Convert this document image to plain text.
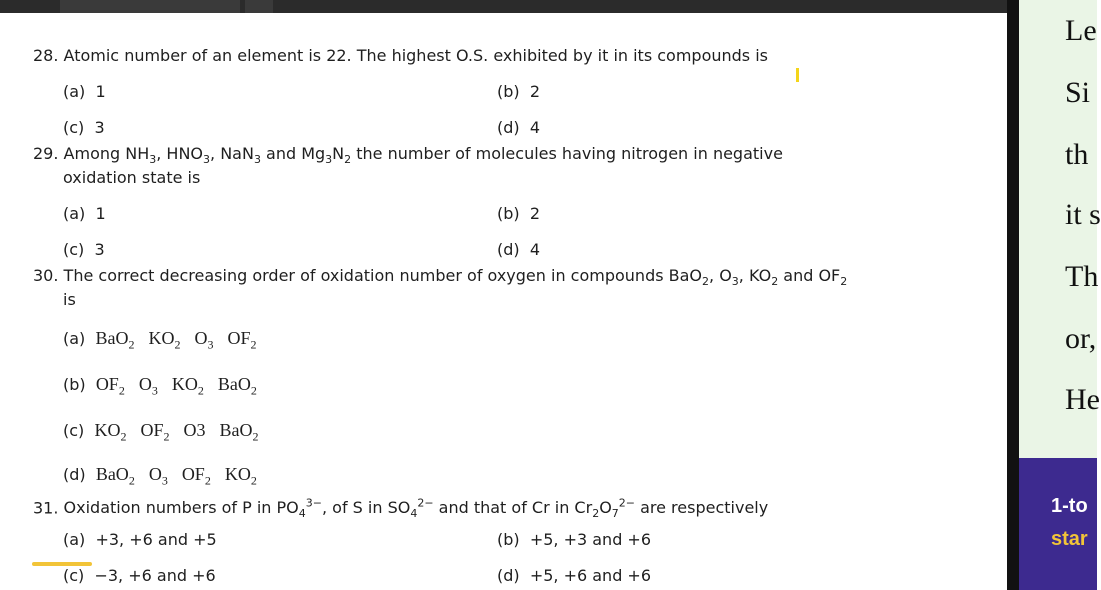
28. Atomic number of an element is 22. The highest O.S. exhibited by it in its compounds is
(a) 1	(b) 2
(c) 3	(d) 4
29. Among $NH_3$, $HNO_3$, NaN$_3$ and $Mg_3N_2$ the number of molecules having nitrogen in negative
oxidation state is
(a) 1	(b) 2
(c) 3	(d) 4
30. The correct decreasing order of oxidation number of oxygen in compounds BaO$_2$, $O_3$, $KO_2$ and $OF_2$
is
(a) BaO$_2$ $KO_2$ $O_3$ $OF_2$
(b) $OF_2$ $O_3$ $KO_2$ BaO$_2$
(c) $KO_2$ $OF_2$ O3 BaO$_2$
(d) BaO$_2$ $O_3$ $OF_2$ $KO_2$
31. Oxidation numbers of P in $PO_4^{3-}$, of S in $SO_4^{2-}$ and that of Cr in $Cr_2O_7^{2-}$ are respectively
(a) +3, +6 and +5	(b) +5, +3 and +6
(c) −3, +6 and +6	(d) +5, +6 and +6
Le
Si
th
it s
Th
or,
He
1-to
star
